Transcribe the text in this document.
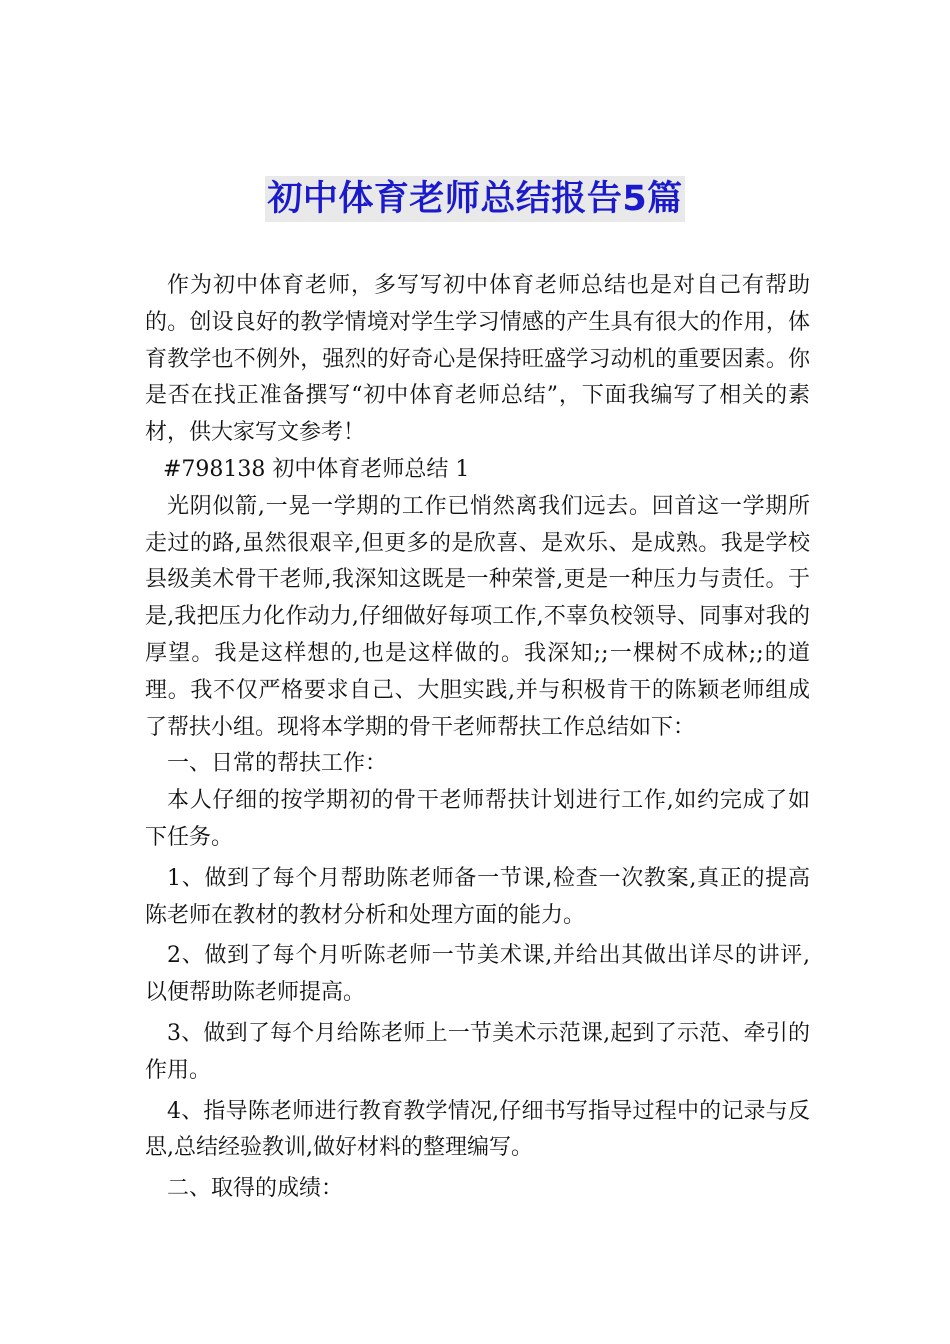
初中体育老师总结报告5篇

作为初中体育老师，多写写初中体育老师总结也是对自己有帮助的。创设良好的教学情境对学生学习情感的产生具有很大的作用，体育教学也不例外，强烈的好奇心是保持旺盛学习动机的重要因素。你是否在找正准备撰写“初中体育老师总结”，下面我编写了相关的素材，供大家写文参考！

#798138 初中体育老师总结 1

光阴似箭,一晃一学期的工作已悄然离我们远去。回首这一学期所走过的路,虽然很艰辛,但更多的是欣喜、是欢乐、是成熟。我是学校县级美术骨干老师,我深知这既是一种荣誉,更是一种压力与责任。于是,我把压力化作动力,仔细做好每项工作,不辜负校领导、同事对我的厚望。我是这样想的,也是这样做的。我深知;;一棵树不成林;;的道理。我不仅严格要求自己、大胆实践,并与积极肯干的陈颖老师组成了帮扶小组。现将本学期的骨干老师帮扶工作总结如下：

一、日常的帮扶工作：

本人仔细的按学期初的骨干老师帮扶计划进行工作,如约完成了如下任务。

1、做到了每个月帮助陈老师备一节课,检查一次教案,真正的提高陈老师在教材的教材分析和处理方面的能力。

2、做到了每个月听陈老师一节美术课,并给出其做出详尽的讲评,以便帮助陈老师提高。

3、做到了每个月给陈老师上一节美术示范课,起到了示范、牵引的作用。

4、指导陈老师进行教育教学情况,仔细书写指导过程中的记录与反思,总结经验教训,做好材料的整理编写。

二、取得的成绩：
